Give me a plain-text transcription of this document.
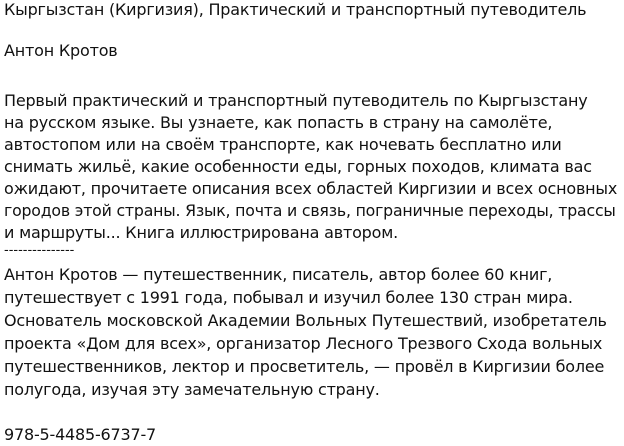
Кыргызстан (Киргизия), Практический и транспортный путеводитель

Антон Кротов

Первый практический и транспортный путеводитель по Кыргызстану

на русском языке. Вы узнаете, как попасть в страну на самолёте,

автостопом или на своём транспорте, как ночевать бесплатно или

снимать жильё, какие особенности еды, горных походов, климата вас

ожидают, прочитаете описания всех областей Киргизии и всех основных

городов этой страны. Язык, почта и связь, пограничные переходы, трассы

и маршруты... Книга иллюстрирована автором.

---------------

Антон Кротов — путешественник, писатель, автор более 60 книг,

путешествует с 1991 года, побывал и изучил более 130 стран мира.

Основатель московской Академии Вольных Путешествий, изобретатель

проекта «Дом для всех», организатор Лесного Трезвого Схода вольных

путешественников, лектор и просветитель, — провёл в Киргизии более

полугода, изучая эту замечательную страну.

978-5-4485-6737-7
